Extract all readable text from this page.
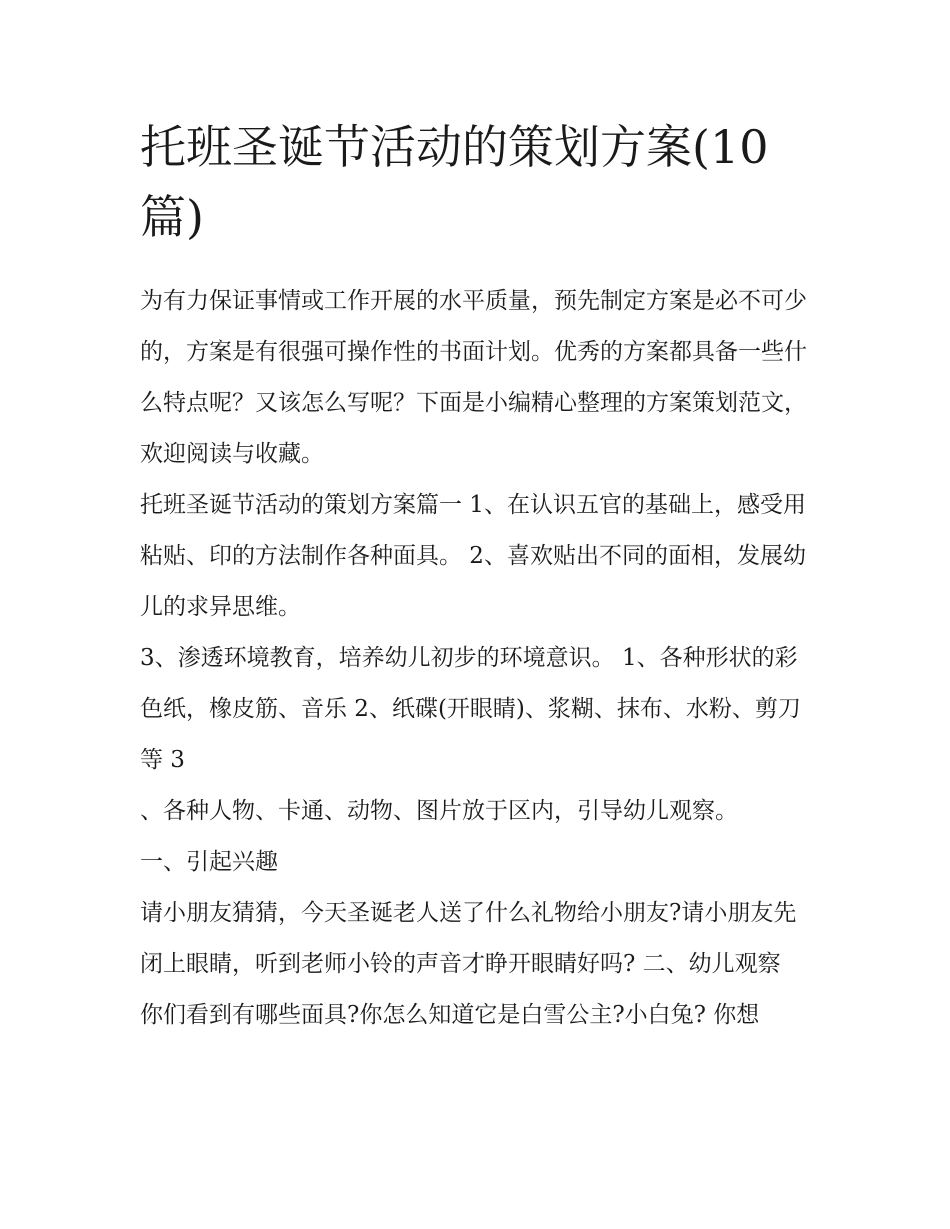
托班圣诞节活动的策划方案(10篇)

为有力保证事情或工作开展的水平质量，预先制定方案是必不可少的，方案是有很强可操作性的书面计划。优秀的方案都具备一些什么特点呢？又该怎么写呢？下面是小编精心整理的方案策划范文，欢迎阅读与收藏。

托班圣诞节活动的策划方案篇一 1、在认识五官的基础上，感受用粘贴、印的方法制作各种面具。 2、喜欢贴出不同的面相，发展幼儿的求异思维。

3、渗透环境教育，培养幼儿初步的环境意识。 1、各种形状的彩色纸，橡皮筋、音乐 2、纸碟(开眼睛)、浆糊、抹布、水粉、剪刀等 3

、各种人物、卡通、动物、图片放于区内，引导幼儿观察。

一、引起兴趣

请小朋友猜猜，今天圣诞老人送了什么礼物给小朋友?请小朋友先闭上眼睛，听到老师小铃的声音才睁开眼睛好吗? 二、幼儿观察

你们看到有哪些面具?你怎么知道它是白雪公主?小白兔? 你想
